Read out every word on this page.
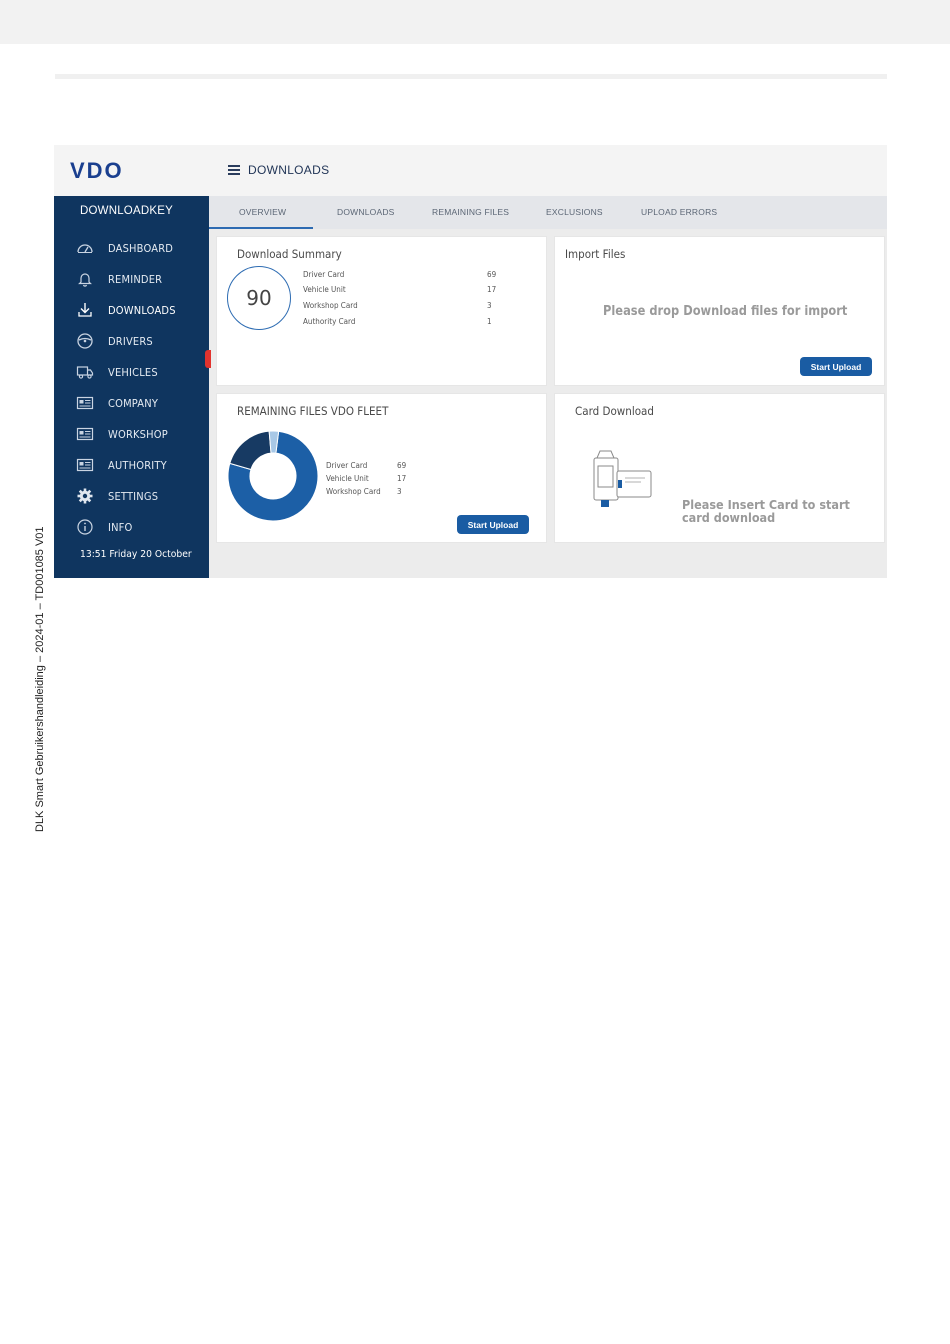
DLK Smart Gebruikershandleiding – 2024-01 – TD001085 V01
VDO	DOWNLOADS
DOWNLOADKEY
DASHBOARD
REMINDER
DOWNLOADS
DRIVERS
VEHICLES
COMPANY
WORKSHOP
AUTHORITY
SETTINGS
INFO
13:51 Friday 20 October
OVERVIEW	DOWNLOADS	REMAINING FILES	EXCLUSIONS	UPLOAD ERRORS
Download Summary
90
Driver Card	69
Vehicle Unit	17
Workshop Card	3
Authority Card	1
Import Files
Please drop Download files for import
Start Upload
REMAINING FILES VDO FLEET
Driver Card	69
Vehicle Unit	17
Workshop Card 3
Start Upload
Card Download
Please Insert Card to start card download
